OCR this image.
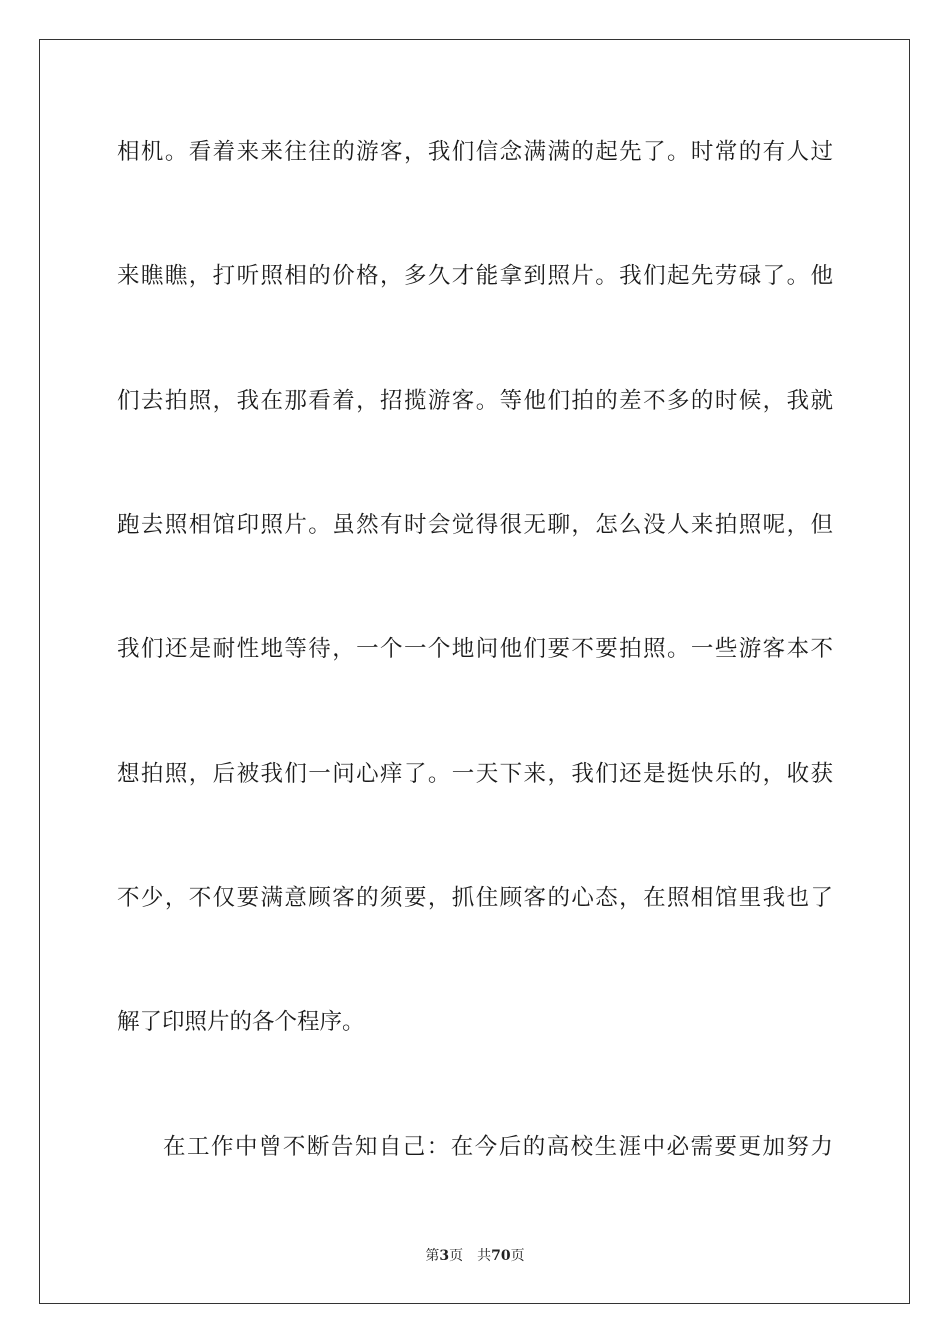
相机。看着来来往往的游客，我们信念满满的起先了。时常的有人过
来瞧瞧，打听照相的价格，多久才能拿到照片。我们起先劳碌了。他
们去拍照，我在那看着，招揽游客。等他们拍的差不多的时候，我就
跑去照相馆印照片。虽然有时会觉得很无聊，怎么没人来拍照呢，但
我们还是耐性地等待，一个一个地问他们要不要拍照。一些游客本不
想拍照，后被我们一问心痒了。一天下来，我们还是挺快乐的，收获
不少，不仅要满意顾客的须要，抓住顾客的心态，在照相馆里我也了
解了印照片的各个程序。
在工作中曾不断告知自己：在今后的高校生涯中必需要更加努力
第3页 共70页
